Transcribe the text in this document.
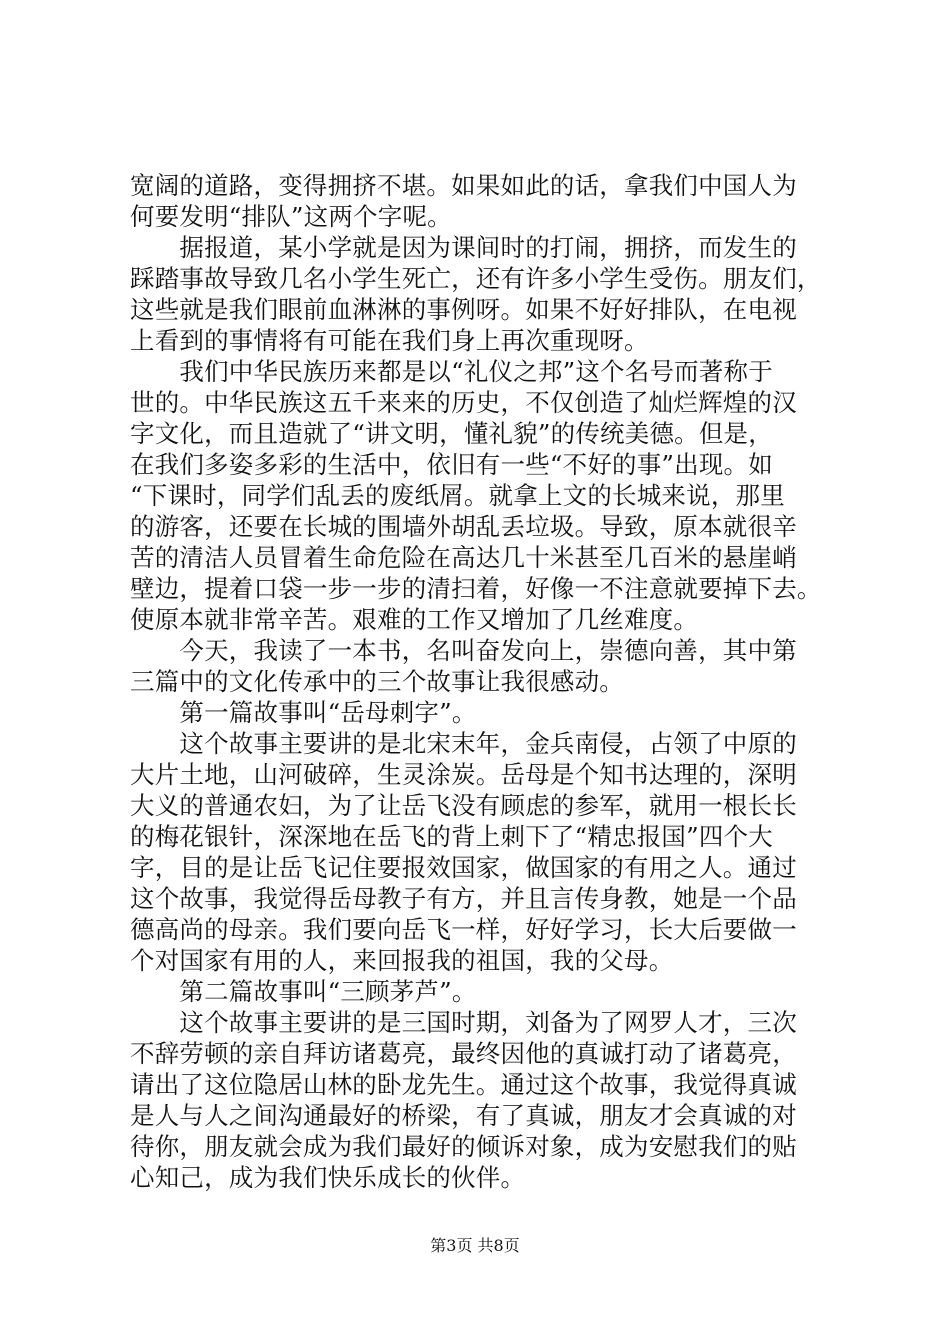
宽阔的道路，变得拥挤不堪。如果如此的话，拿我们中国人为
何要发明“排队”这两个字呢。
　　据报道，某小学就是因为课间时的打闹，拥挤，而发生的
踩踏事故导致几名小学生死亡，还有许多小学生受伤。朋友们，
这些就是我们眼前血淋淋的事例呀。如果不好好排队，在电视
上看到的事情将有可能在我们身上再次重现呀。
　　我们中华民族历来都是以“礼仪之邦”这个名号而著称于
世的。中华民族这五千来来的历史，不仅创造了灿烂辉煌的汉
字文化，而且造就了“讲文明，懂礼貌”的传统美德。但是，
在我们多姿多彩的生活中，依旧有一些“不好的事”出现。如
“下课时，同学们乱丢的废纸屑。就拿上文的长城来说，那里
的游客，还要在长城的围墙外胡乱丢垃圾。导致，原本就很辛
苦的清洁人员冒着生命危险在高达几十米甚至几百米的悬崖峭
壁边，提着口袋一步一步的清扫着，好像一不注意就要掉下去。
使原本就非常辛苦。艰难的工作又增加了几丝难度。
　　今天，我读了一本书，名叫奋发向上，崇德向善，其中第
三篇中的文化传承中的三个故事让我很感动。
　　第一篇故事叫“岳母刺字”。
　　这个故事主要讲的是北宋末年，金兵南侵，占领了中原的
大片土地，山河破碎，生灵涂炭。岳母是个知书达理的，深明
大义的普通农妇，为了让岳飞没有顾虑的参军，就用一根长长
的梅花银针，深深地在岳飞的背上刺下了“精忠报国”四个大
字，目的是让岳飞记住要报效国家，做国家的有用之人。通过
这个故事，我觉得岳母教子有方，并且言传身教，她是一个品
德高尚的母亲。我们要向岳飞一样，好好学习，长大后要做一
个对国家有用的人，来回报我的祖国，我的父母。
　　第二篇故事叫“三顾茅芦”。
　　这个故事主要讲的是三国时期，刘备为了网罗人才，三次
不辞劳顿的亲自拜访诸葛亮，最终因他的真诚打动了诸葛亮，
请出了这位隐居山林的卧龙先生。通过这个故事，我觉得真诚
是人与人之间沟通最好的桥梁，有了真诚，朋友才会真诚的对
待你，朋友就会成为我们最好的倾诉对象，成为安慰我们的贴
心知己，成为我们快乐成长的伙伴。
第3页 共8页
